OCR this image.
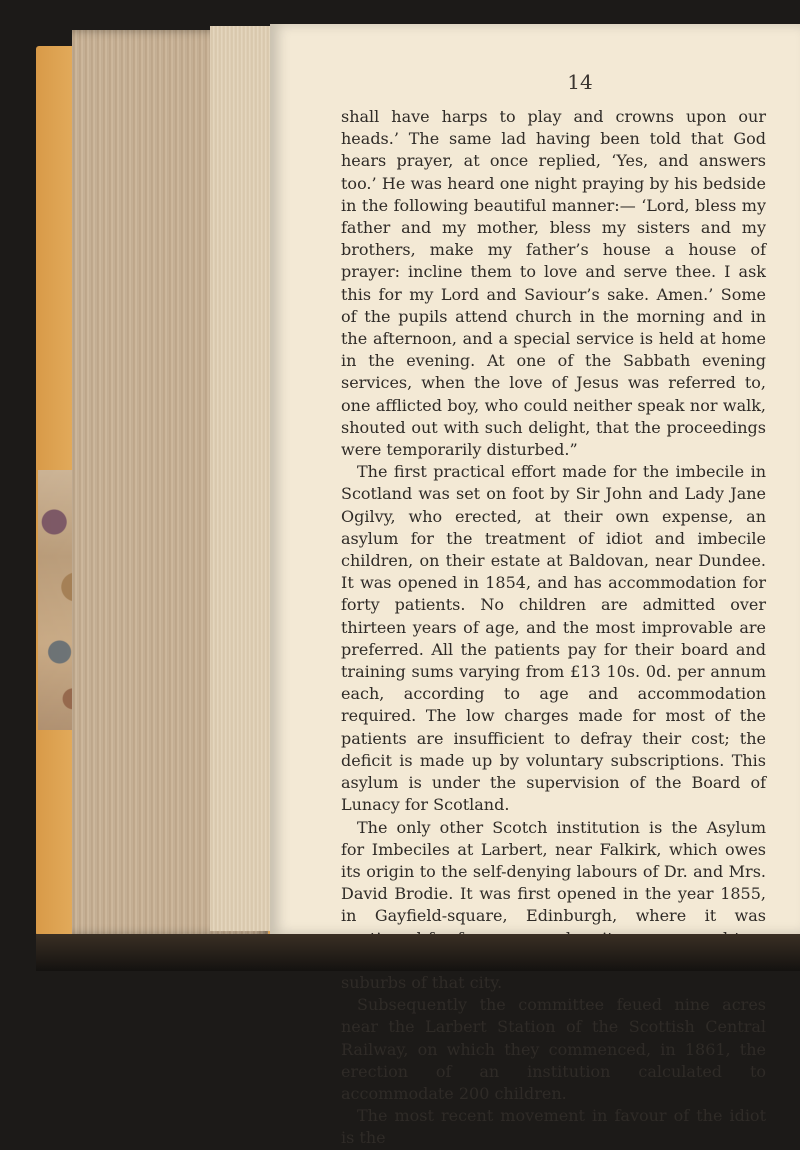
14

shall have harps to play and crowns upon our heads.’ The same lad having been told that God hears prayer, at once replied, ‘Yes, and answers too.’ He was heard one night praying by his bedside in the following beautiful manner:— ‘Lord, bless my father and my mother, bless my sisters and my brothers, make my father’s house a house of prayer: incline them to love and serve thee. I ask this for my Lord and Saviour’s sake. Amen.’ Some of the pupils attend church in the morning and in the afternoon, and a special service is held at home in the evening. At one of the Sabbath evening services, when the love of Jesus was referred to, one afflicted boy, who could neither speak nor walk, shouted out with such delight, that the proceedings were temporarily disturbed.”

The first practical effort made for the imbecile in Scotland was set on foot by Sir John and Lady Jane Ogilvy, who erected, at their own expense, an asylum for the treatment of idiot and imbecile children, on their estate at Baldovan, near Dundee. It was opened in 1854, and has accommodation for forty patients. No children are admitted over thirteen years of age, and the most improvable are preferred. All the patients pay for their board and training sums varying from £13 10s. 0d. per annum each, according to age and accommodation required. The low charges made for most of the patients are insufficient to defray their cost; the deficit is made up by voluntary subscriptions. This asylum is under the supervision of the Board of Lunacy for Scotland.

The only other Scotch institution is the Asylum for Imbeciles at Larbert, near Falkirk, which owes its origin to the self-denying labours of Dr. and Mrs. David Brodie. It was first opened in the year 1855, in Gayfield-square, Edinburgh, where it was suburbs of that city.

Subsequently the committee feued nine acres near the Larbert Station of the Scottish Central Railway, on which they commenced, in 1861, the erection of an institution calculated to accommodate 200 children.

The most recent movement in favour of the idiot is the
